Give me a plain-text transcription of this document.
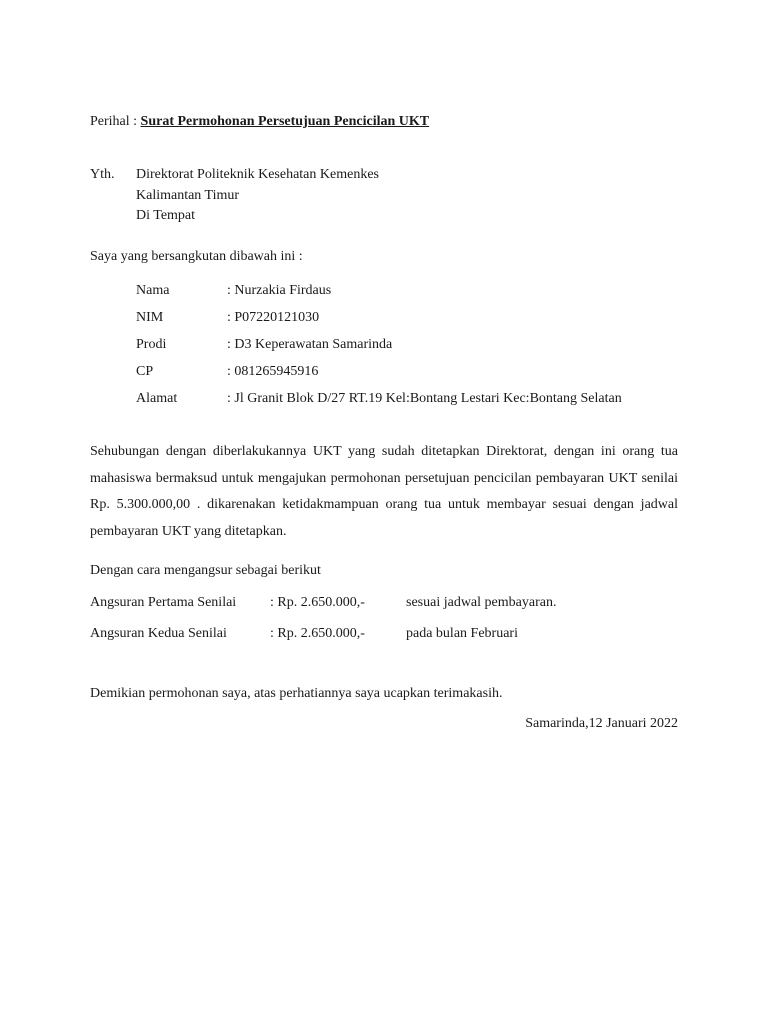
Perihal : Surat Permohonan Persetujuan Pencicilan UKT
Yth. Direktorat Politeknik Kesehatan Kemenkes
Kalimantan Timur
Di Tempat
Saya yang bersangkutan dibawah ini :
Nama	: Nurzakia Firdaus
NIM	: P07220121030
Prodi	: D3 Keperawatan Samarinda
CP	: 081265945916
Alamat	: Jl Granit Blok D/27 RT.19 Kel:Bontang Lestari Kec:Bontang Selatan
Sehubungan dengan diberlakukannya UKT yang sudah ditetapkan Direktorat, dengan ini orang tua mahasiswa bermaksud untuk mengajukan permohonan persetujuan pencicilan pembayaran UKT senilai Rp. 5.300.000,00 . dikarenakan ketidakmampuan orang tua untuk membayar sesuai dengan jadwal pembayaran UKT yang ditetapkan.
Dengan cara mengangsur sebagai berikut
Angsuran Pertama Senilai : Rp. 2.650.000,-	sesuai jadwal pembayaran.
Angsuran Kedua Senilai	: Rp. 2.650.000,-	pada bulan Februari
Demikian permohonan saya, atas perhatiannya saya ucapkan terimakasih.
Samarinda,12 Januari 2022
